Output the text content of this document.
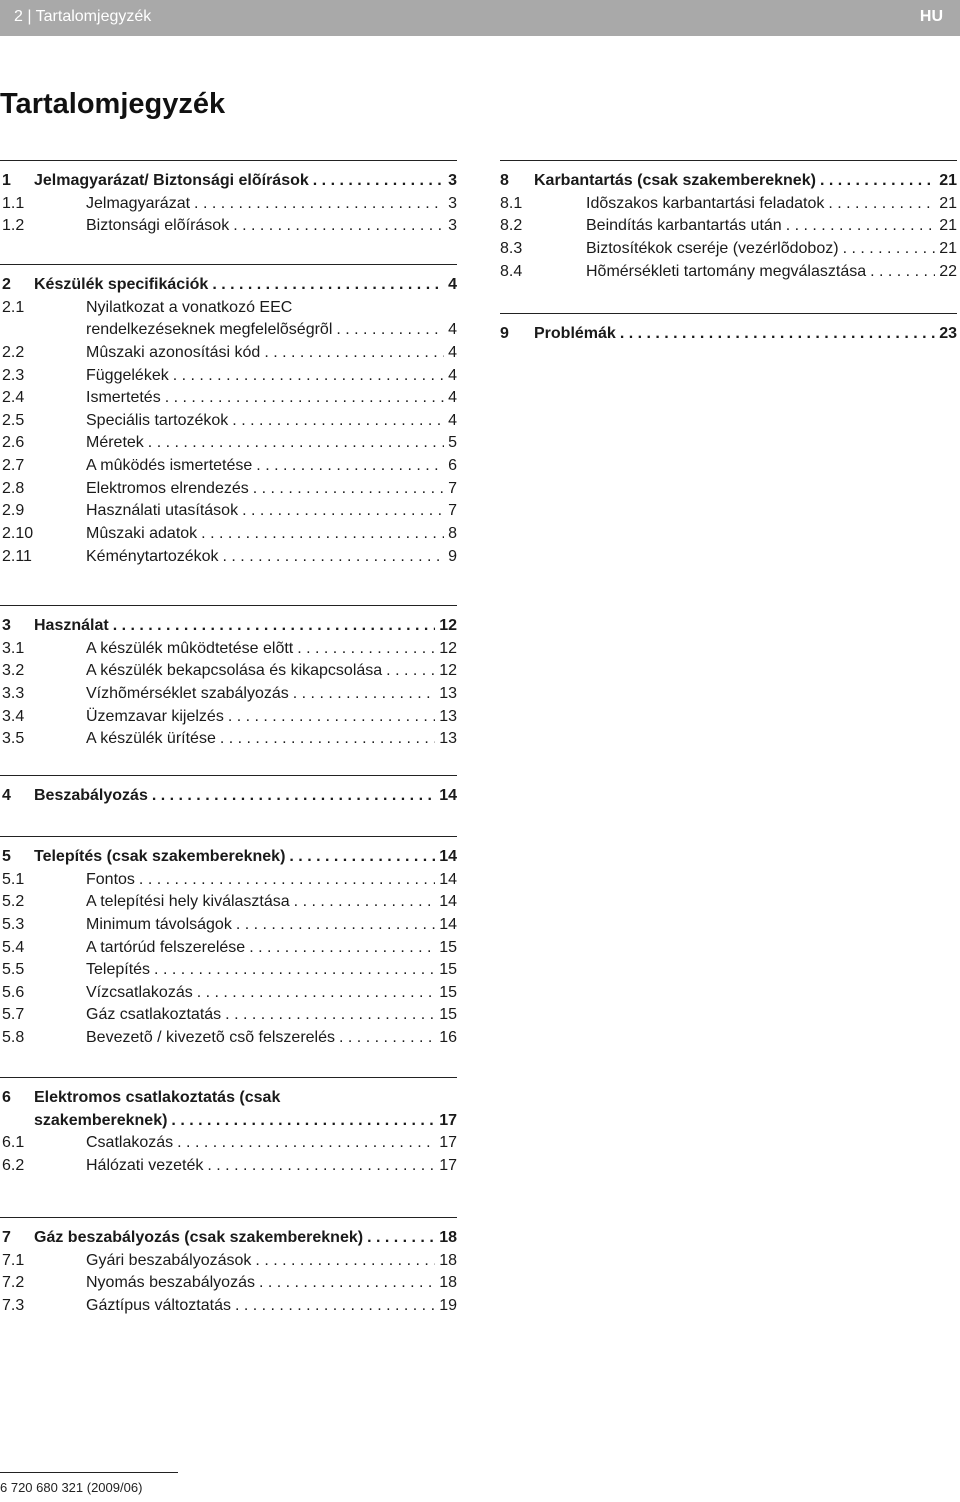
2 | Tartalomjegyzék	HU
Tartalomjegyzék
1 Jelmagyarázat/ Biztonsági elõírások . . .	3
1.1	Jelmagyarázat . . .	3
1.2	Biztonsági elõírások . . .	3
2 Készülék specifikációk . . .	4
2.1	Nyilatkozat a vonatkozó EEC
rendelkezéseknek megfelelõségrõl . . .	4
2.2	Mûszaki azonosítási kód . . .	4
2.3	Függelékek . . .	4
2.4	Ismertetés . . .	4
2.5	Speciális tartozékok . . .	4
2.6	Méretek . . .	5
2.7	A mûködés ismertetése . . .	6
2.8	Elektromos elrendezés . . .	7
2.9	Használati utasítások . . .	7
2.10	Mûszaki adatok . . .	8
2.11	Kéménytartozékok . . .	9
3 Használat . . .	12
3.1	A készülék mûködtetése elõtt . . .	12
3.2	A készülék bekapcsolása és kikapcsolása . . .	12
3.3	Vízhõmérséklet szabályozás . . .	13
3.4	Üzemzavar kijelzés . . .	13
3.5	A készülék ürítése . . .	13
4 Beszabályozás . . .	14
5 Telepítés (csak szakembereknek) . . .	14
5.1	Fontos . . .	14
5.2	A telepítési hely kiválasztása . . .	14
5.3	Minimum távolságok . . .	14
5.4	A tartórúd felszerelése . . .	15
5.5	Telepítés . . .	15
5.6	Vízcsatlakozás . . .	15
5.7	Gáz csatlakoztatás . . .	15
5.8	Bevezetõ / kivezetõ csõ felszerelés . . .	16
6 Elektromos csatlakoztatás (csak
szakembereknek) . . .	17
6.1	Csatlakozás . . .	17
6.2	Hálózati vezeték . . .	17
7 Gáz beszabályozás (csak szakembereknek) . . .	18
7.1	Gyári beszabályozások . . .	18
7.2	Nyomás beszabályozás . . .	18
7.3	Gáztípus változtatás . . .	19
8 Karbantartás (csak szakembereknek) . . .	21
8.1	Idõszakos karbantartási feladatok . . .	21
8.2	Beindítás karbantartás után . . .	21
8.3	Biztosítékok cseréje (vezérlõdoboz) . . .	21
8.4	Hõmérsékleti tartomány megválasztása . . .	22
9 Problémák . . .	23
6 720 680 321 (2009/06)
